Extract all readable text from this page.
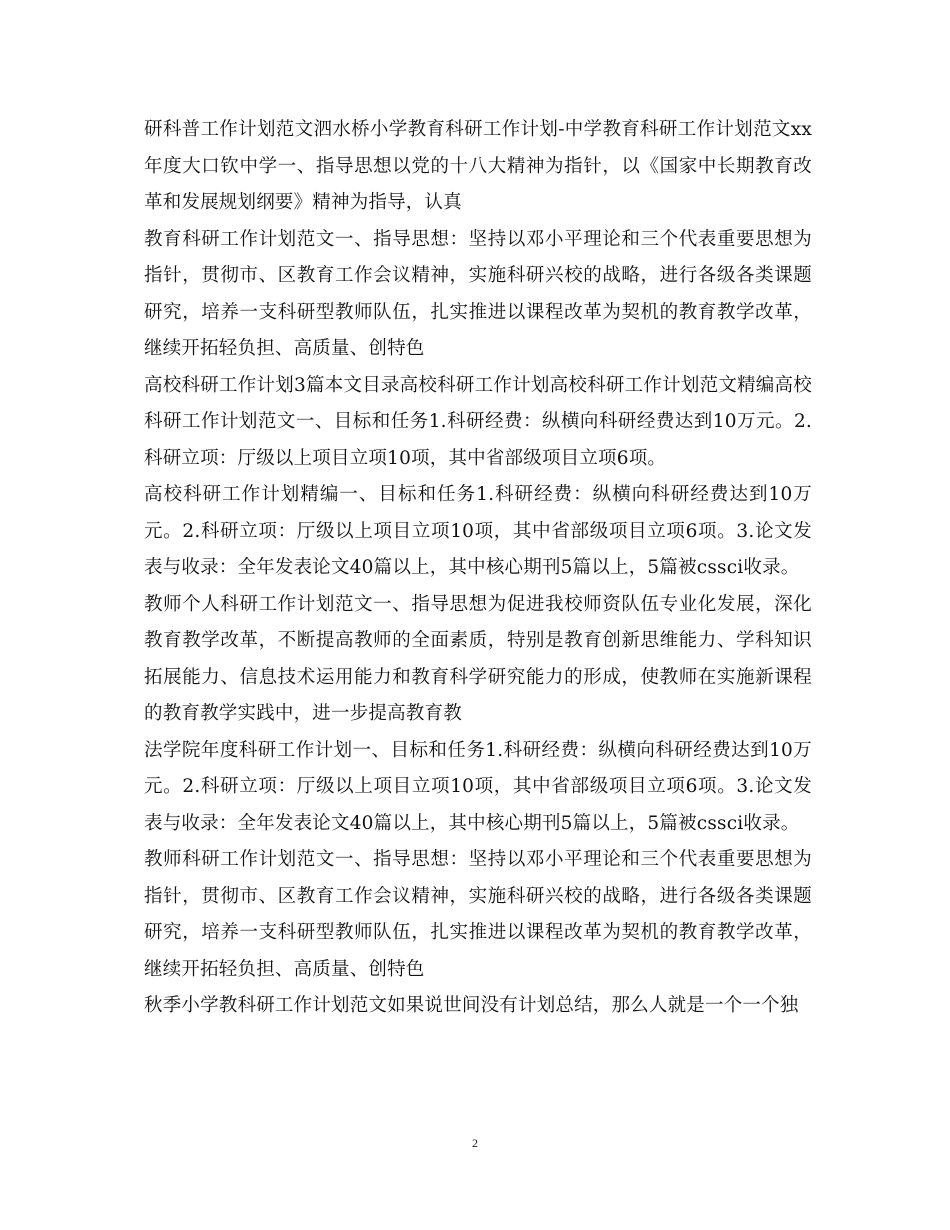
研科普工作计划范文泗水桥小学教育科研工作计划-中学教育科研工作计划范文xx年度大口钦中学一、指导思想以党的十八大精神为指针，以《国家中长期教育改革和发展规划纲要》精神为指导，认真

教育科研工作计划范文一、指导思想：坚持以邓小平理论和三个代表重要思想为指针，贯彻市、区教育工作会议精神，实施科研兴校的战略，进行各级各类课题研究，培养一支科研型教师队伍，扎实推进以课程改革为契机的教育教学改革，继续开拓轻负担、高质量、创特色

高校科研工作计划3篇本文目录高校科研工作计划高校科研工作计划范文精编高校科研工作计划范文一、目标和任务1.科研经费：纵横向科研经费达到10万元。2.科研立项：厅级以上项目立项10项，其中省部级项目立项6项。

高校科研工作计划精编一、目标和任务1.科研经费：纵横向科研经费达到10万元。2.科研立项：厅级以上项目立项10项，其中省部级项目立项6项。3.论文发表与收录：全年发表论文40篇以上，其中核心期刊5篇以上，5篇被cssci收录。

教师个人科研工作计划范文一、指导思想为促进我校师资队伍专业化发展，深化教育教学改革，不断提高教师的全面素质，特别是教育创新思维能力、学科知识拓展能力、信息技术运用能力和教育科学研究能力的形成，使教师在实施新课程的教育教学实践中，进一步提高教育教

法学院年度科研工作计划一、目标和任务1.科研经费：纵横向科研经费达到10万元。2.科研立项：厅级以上项目立项10项，其中省部级项目立项6项。3.论文发表与收录：全年发表论文40篇以上，其中核心期刊5篇以上，5篇被cssci收录。

教师科研工作计划范文一、指导思想：坚持以邓小平理论和三个代表重要思想为指针，贯彻市、区教育工作会议精神，实施科研兴校的战略，进行各级各类课题研究，培养一支科研型教师队伍，扎实推进以课程改革为契机的教育教学改革，继续开拓轻负担、高质量、创特色

秋季小学教科研工作计划范文如果说世间没有计划总结，那么人就是一个一个独

2
